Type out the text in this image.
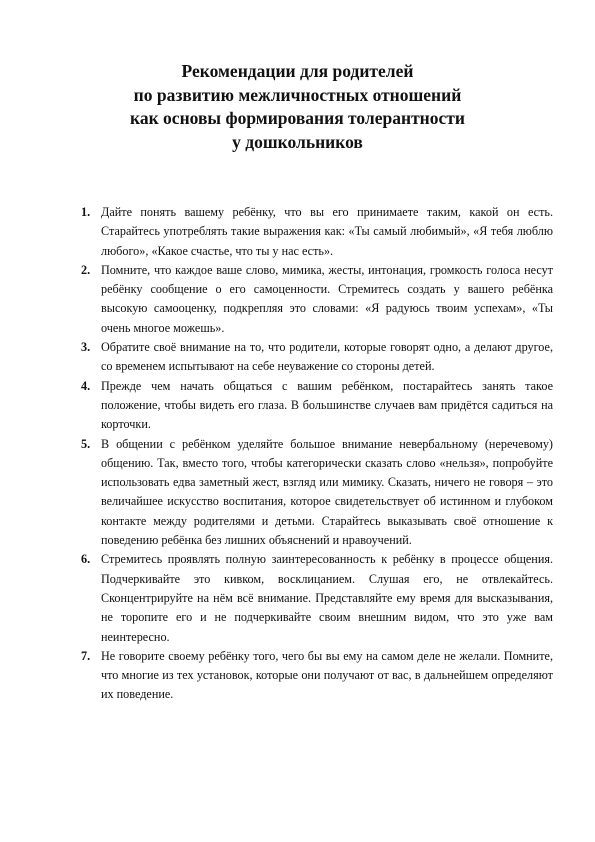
Рекомендации для родителей
по развитию межличностных отношений
как основы формирования толерантности
у дошкольников
1. Дайте понять вашему ребёнку, что вы его принимаете таким, какой он есть. Старайтесь употреблять такие выражения как: «Ты самый любимый», «Я тебя люблю любого», «Какое счастье, что ты у нас есть».
2. Помните, что каждое ваше слово, мимика, жесты, интонация, громкость голоса несут ребёнку сообщение о его самоценности. Стремитесь создать у вашего ребёнка высокую самооценку, подкрепляя это словами: «Я радуюсь твоим успехам», «Ты очень многое можешь».
3. Обратите своё внимание на то, что родители, которые говорят одно, а делают другое, со временем испытывают на себе неуважение со стороны детей.
4. Прежде чем начать общаться с вашим ребёнком, постарайтесь занять такое положение, чтобы видеть его глаза. В большинстве случаев вам придётся садиться на корточки.
5. В общении с ребёнком уделяйте большое внимание невербальному (неречевому) общению. Так, вместо того, чтобы категорически сказать слово «нельзя», попробуйте использовать едва заметный жест, взгляд или мимику. Сказать, ничего не говоря – это величайшее искусство воспитания, которое свидетельствует об истинном и глубоком контакте между родителями и детьми. Старайтесь выказывать своё отношение к поведению ребёнка без лишних объяснений и нравоучений.
6. Стремитесь проявлять полную заинтересованность к ребёнку в процессе общения. Подчеркивайте это кивком, восклицанием. Слушая его, не отвлекайтесь. Сконцентрируйте на нём всё внимание. Представляйте ему время для высказывания, не торопите его и не подчеркивайте своим внешним видом, что это уже вам неинтересно.
7. Не говорите своему ребёнку того, чего бы вы ему на самом деле не желали. Помните, что многие из тех установок, которые они получают от вас, в дальнейшем определяют их поведение.
